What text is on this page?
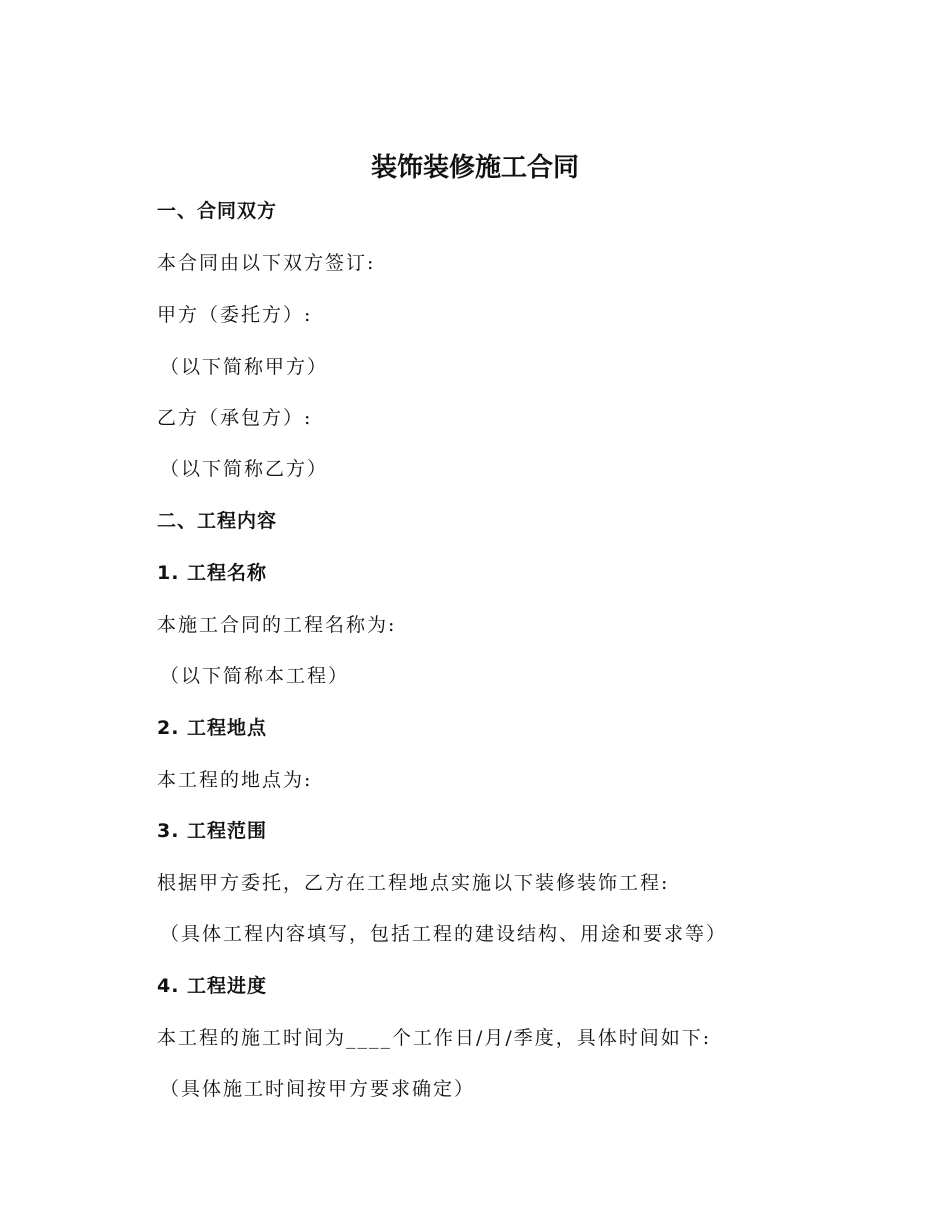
装饰装修施工合同
一、合同双方
本合同由以下双方签订:
甲方（委托方）:
（以下简称甲方）
乙方（承包方）:
（以下简称乙方）
二、工程内容
1. 工程名称
本施工合同的工程名称为:
（以下简称本工程）
2. 工程地点
本工程的地点为:
3. 工程范围
根据甲方委托，乙方在工程地点实施以下装修装饰工程:
（具体工程内容填写，包括工程的建设结构、用途和要求等）
4. 工程进度
本工程的施工时间为____个工作日/月/季度，具体时间如下:
（具体施工时间按甲方要求确定）
